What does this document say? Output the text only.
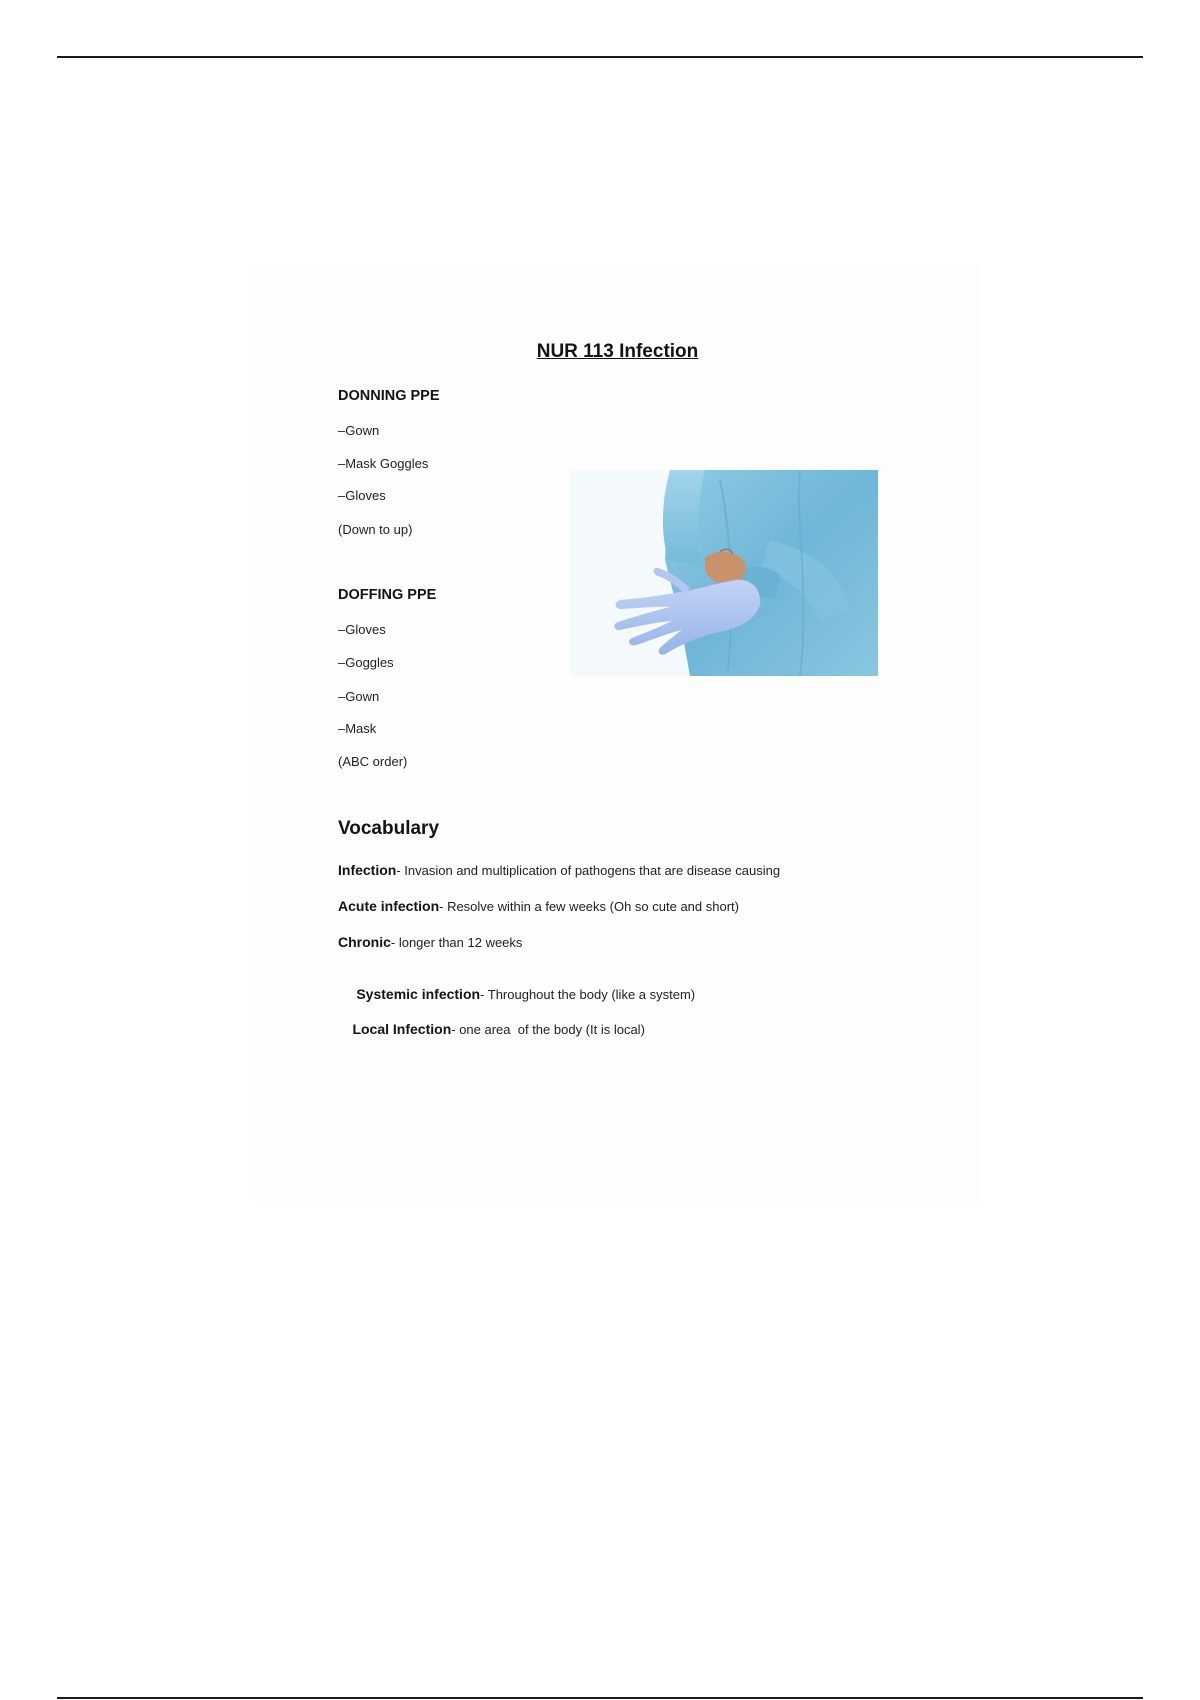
NUR 113 Infection
DONNING PPE
–Gown
–Mask Goggles
–Gloves
(Down to up)
DOFFING PPE
–Gloves
–Goggles
–Gown
–Mask
(ABC order)
Vocabulary
Infection- Invasion and multiplication of pathogens that are disease causing
Acute infection- Resolve within a few weeks (Oh so cute and short)
Chronic- longer than 12 weeks

Systemic infection- Throughout the body (like a system)

Local Infection- one area  of the body (It is local)
